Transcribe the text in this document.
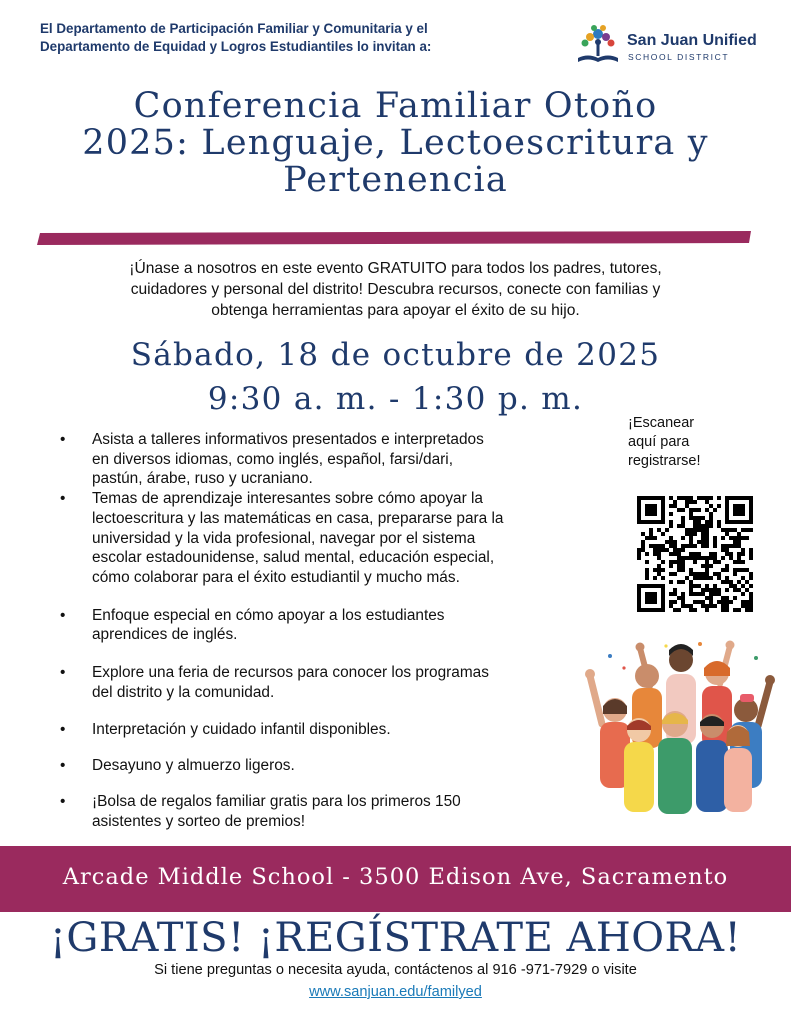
El Departamento de Participación Familiar y Comunitaria y el
Departamento de Equidad y Logros Estudiantiles lo invitan a:	San Juan Unified
SCHOOL DISTRICT
Conferencia Familiar Otoño
2025: Lenguaje, Lectoescritura y
Pertenencia
¡Únase a nosotros en este evento GRATUITO para todos los padres, tutores,
cuidadores y personal del distrito! Descubra recursos, conecte con familias y
obtenga herramientas para apoyar el éxito de su hijo.
Sábado, 18 de octubre de 2025
9:30 a. m. - 1:30 p. m.
¡Escanear
aquí para
registrarse!
• Asista a talleres informativos presentados e interpretados
en diversos idiomas, como inglés, español, farsi/dari,
pastún, árabe, ruso y ucraniano.
• Temas de aprendizaje interesantes sobre cómo apoyar la
lectoescritura y las matemáticas en casa, prepararse para la
universidad y la vida profesional, navegar por el sistema
escolar estadounidense, salud mental, educación especial,
cómo colaborar para el éxito estudiantil y mucho más.
• Enfoque especial en cómo apoyar a los estudiantes
aprendices de inglés.
• Explore una feria de recursos para conocer los programas
del distrito y la comunidad.
• Interpretación y cuidado infantil disponibles.
• Desayuno y almuerzo ligeros.
• ¡Bolsa de regalos familiar gratis para los primeros 150
asistentes y sorteo de premios!
Arcade Middle School - 3500 Edison Ave, Sacramento
¡GRATIS! ¡REGÍSTRATE AHORA!
Si tiene preguntas o necesita ayuda, contáctenos al 916 -971-7929 o visite
www.sanjuan.edu/familyed
